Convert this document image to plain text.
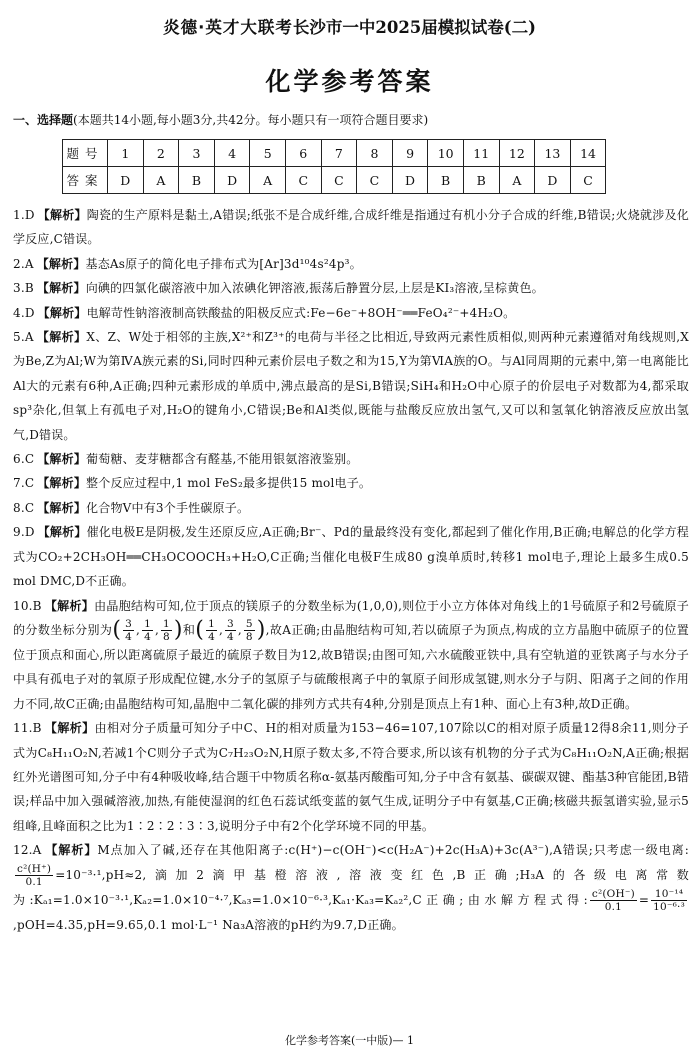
炎德·英才大联考长沙市一中2025届模拟试卷(二)
化学参考答案
一、选择题(本题共14小题,每小题3分,共42分。每小题只有一项符合题目要求)
题号	1	2	3	4	5	6	7	8	9	10	11	12	13	14
答案	D	A	B	D	A	C	C	C	D	B	B	A	D	C
1.D 【解析】陶瓷的生产原料是黏土,A错误;纸张不是合成纤维,合成纤维是指通过有机小分子合成的纤维,B错误;火烧就涉及化学反应,C错误。
2.A 【解析】基态As原子的简化电子排布式为[Ar]3d¹⁰4s²4p³。
3.B 【解析】向碘的四氯化碳溶液中加入浓碘化钾溶液,振荡后静置分层,上层是KI₃溶液,呈棕黄色。
4.D 【解析】电解苛性钠溶液制高铁酸盐的阳极反应式:Fe−6e⁻+8OH⁻══FeO₄²⁻+4H₂O。
5.A 【解析】X、Z、W处于相邻的主族,X²⁺和Z³⁺的电荷与半径之比相近,导致两元素性质相似,则两种元素遵循对角线规则,X为Be,Z为Al;W为第ⅣA族元素的Si,同时四种元素价层电子数之和为15,Y为第ⅥA族的O。与Al同周期的元素中,第一电离能比Al大的元素有6种,A正确;四种元素形成的单质中,沸点最高的是Si,B错误;SiH₄和H₂O中心原子的价层电子对数都为4,都采取sp³杂化,但氧上有孤电子对,H₂O的键角小,C错误;Be和Al类似,既能与盐酸反应放出氢气,又可以和氢氧化钠溶液反应放出氢气,D错误。
6.C 【解析】葡萄糖、麦芽糖都含有醛基,不能用银氨溶液鉴别。
7.C 【解析】整个反应过程中,1 mol FeS₂最多提供15 mol电子。
8.C 【解析】化合物Ⅴ中有3个手性碳原子。
9.D 【解析】催化电极E是阴极,发生还原反应,A正确;Br⁻、Pd的量最终没有变化,都起到了催化作用,B正确;电解总的化学方程式为CO₂+2CH₃OH══CH₃OCOOCH₃+H₂O,C正确;当催化电极F生成80 g溴单质时,转移1 mol电子,理论上最多生成0.5 mol DMC,D不正确。
10.B 【解析】由晶胞结构可知,位于顶点的镁原子的分数坐标为(1,0,0),则位于小立方体体对角线上的1号硫原子和2号硫原子的分数坐标分别为( $\frac{3}{4}$ , $\frac{1}{4}$ , $\frac{1}{8}$ )和( $\frac{1}{4}$ , $\frac{3}{4}$ , $\frac{5}{8}$ ),故A正确;由晶胞结构可知,若以硫原子为顶点,构成的立方晶胞中硫原子的位置位于顶点和面心,所以距离硫原子最近的硫原子数目为12,故B错误;由图可知,六水硫酸亚铁中,具有空轨道的亚铁离子与水分子中具有孤电子对的氧原子形成配位键,水分子的氢原子与硫酸根离子中的氧原子间形成氢键,则水分子与阴、阳离子之间的作用力不同,故C正确;由晶胞结构可知,晶胞中二氧化碳的排列方式共有4种,分别是顶点上有1种、面心上有3种,故D正确。
11.B 【解析】由相对分子质量可知分子中C、H的相对质量为153−46=107,107除以C的相对原子质量12得8余11,则分子式为C₈H₁₁O₂N,若减1个C则分子式为C₇H₂₃O₂N,H原子数太多,不符合要求,所以该有机物的分子式为C₈H₁₁O₂N,A正确;根据红外光谱图可知,分子中有4种吸收峰,结合题干中物质名称α-氨基丙酸酯可知,分子中含有氨基、碳碳双键、酯基3种官能团,B错误;样品中加入强碱溶液,加热,有能使湿润的红色石蕊试纸变蓝的氨气生成,证明分子中有氨基,C正确;核磁共振氢谱实验,显示5组峰,且峰面积之比为1∶2∶2∶3∶3,说明分子中有2个化学环境不同的甲基。
12.A 【解析】M点加入了碱,还存在其他阳离子:c(H⁺)−c(OH⁻)<c(H₂A⁻)+2c(H₃A)+3c(A³⁻),A错误;只考虑一级电离:
$\frac{\text{c²(H⁺)}}{0.1} =10^{-3}\cdot^1,pH\approx 2$,滴加2滴甲基橙溶液,溶液变红色,B正确;H₃A的各级电离常数为:Kₐ₁=1.0×10⁻³·¹,Kₐ₂=1.0×10⁻⁴·⁷,Kₐ₃=1.0×10⁻⁶·³,Kₐ₁·Kₐ₃=Kₐ₂²,C正确;由水解方程式得: $\frac{\text{c²(OH⁻)}}{0.1} = \frac{\text{10⁻¹⁴}}{\text{10⁻⁶·³}}$
,pOH=4.35,pH=9.65,0.1 mol·L⁻¹ Na₃A溶液的pH约为9.7,D正确。
化学参考答案(一中版)— 1
